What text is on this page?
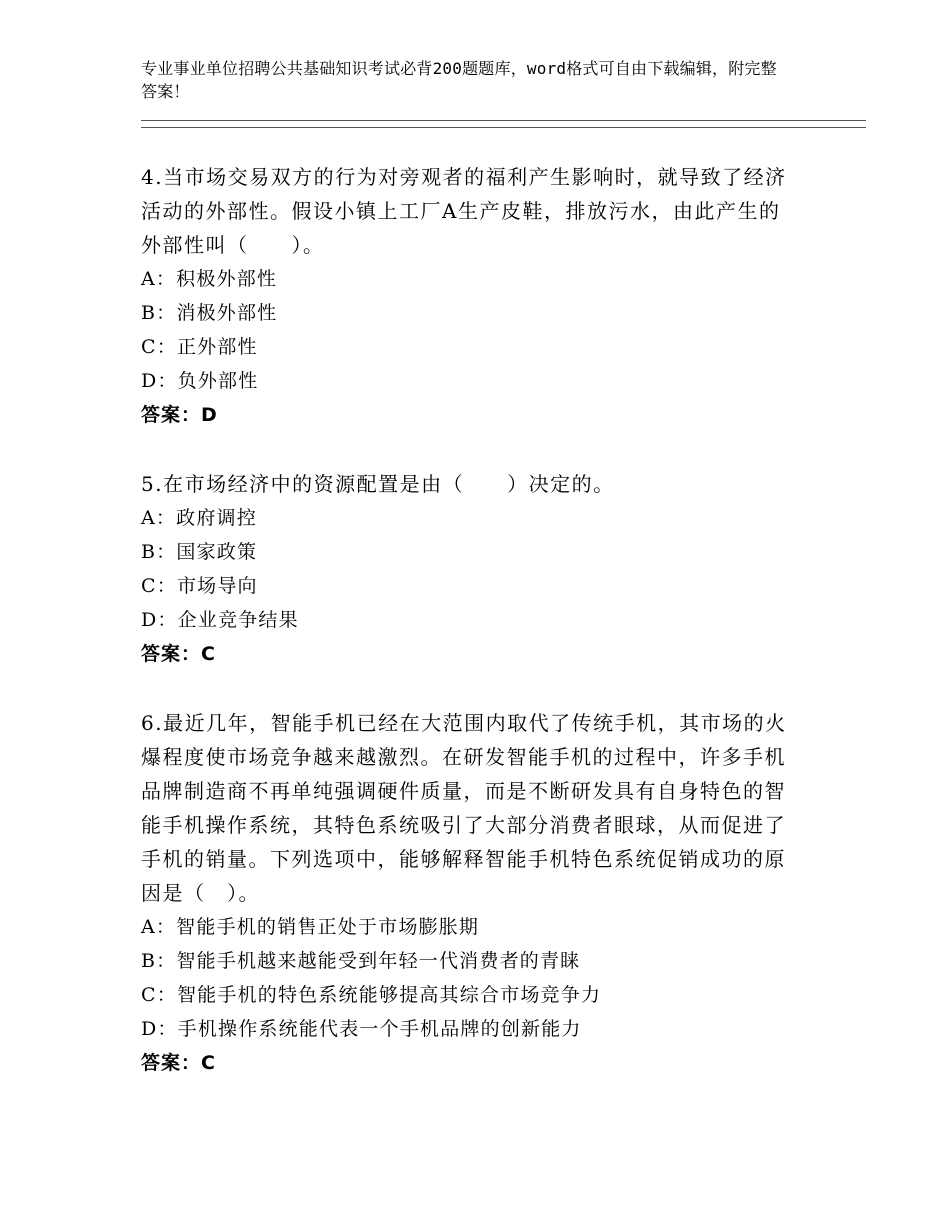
专业事业单位招聘公共基础知识考试必背200题题库，word格式可自由下载编辑，附完整答案！

4.当市场交易双方的行为对旁观者的福利产生影响时，就导致了经济活动的外部性。假设小镇上工厂A生产皮鞋，排放污水，由此产生的外部性叫（　　）。

A：积极外部性

B：消极外部性

C：正外部性

D：负外部性

答案：D

5.在市场经济中的资源配置是由（　　）决定的。

A：政府调控

B：国家政策

C：市场导向

D：企业竞争结果

答案：C

6.最近几年，智能手机已经在大范围内取代了传统手机，其市场的火爆程度使市场竞争越来越激烈。在研发智能手机的过程中，许多手机品牌制造商不再单纯强调硬件质量，而是不断研发具有自身特色的智能手机操作系统，其特色系统吸引了大部分消费者眼球，从而促进了手机的销量。下列选项中，能够解释智能手机特色系统促销成功的原因是（　）。

A：智能手机的销售正处于市场膨胀期

B：智能手机越来越能受到年轻一代消费者的青睐

C：智能手机的特色系统能够提高其综合市场竞争力

D：手机操作系统能代表一个手机品牌的创新能力

答案：C
